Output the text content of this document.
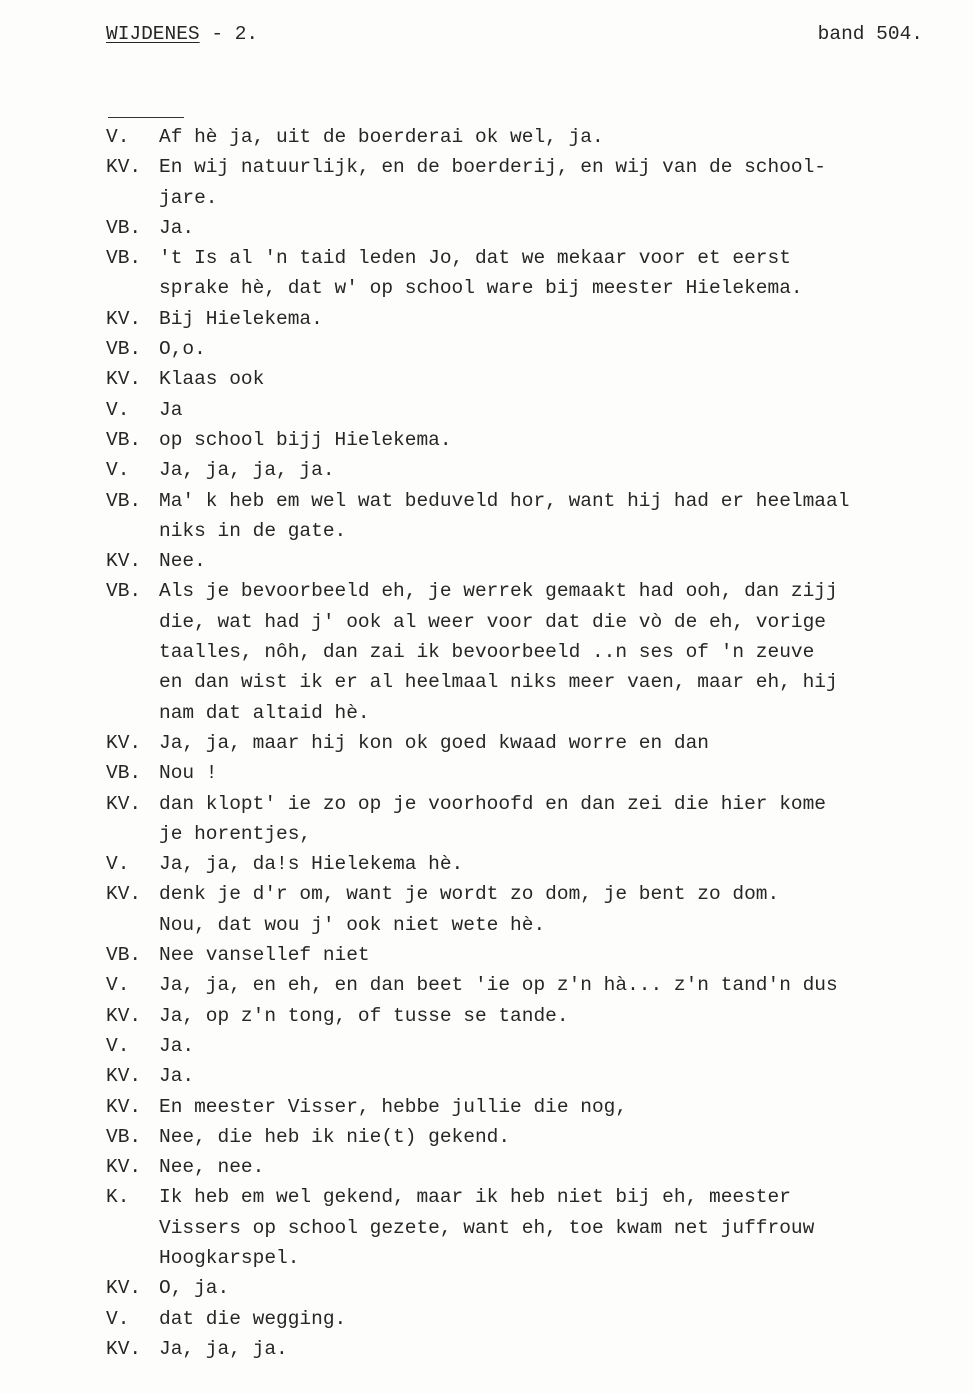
WIJDENES - 2.	band 504.
V.	Af hè ja, uit de boerderai ok wel, ja.
KV. En wij natuurlijk, en de boerderij, en wij van de school-
jare.
VB. Ja.
VB. 't Is al 'n taid leden Jo, dat we mekaar voor et eerst
sprake hè, dat w' op school ware bij meester Hielekema.
KV. Bij Hielekema.
VB. O,o.
KV. Klaas ook
V.	Ja
VB. op school bijj Hielekema.
V.	Ja, ja, ja, ja.
VB. Ma' k heb em wel wat beduveld hor, want hij had er heelmaal
niks in de gate.
KV. Nee.
VB. Als je bevoorbeeld eh, je werrek gemaakt had ooh, dan zijj
die, wat had j' ook al weer voor dat die vò de eh, vorige
taalles, nôh, dan zai ik bevoorbeeld ..n ses of 'n zeuve
en dan wist ik er al heelmaal niks meer vaen, maar eh, hij
nam dat altaid hè.
KV. Ja, ja, maar hij kon ok goed kwaad worre en dan
VB. Nou !
KV. dan klopt' ie zo op je voorhoofd en dan zei die hier kome
je horentjes,
V.	Ja, ja, da!s Hielekema hè.
KV. denk je d'r om, want je wordt zo dom, je bent zo dom.
Nou, dat wou j' ook niet wete hè.
VB. Nee vansellef niet
V.	Ja, ja, en eh, en dan beet 'ie op z'n hà... z'n tand'n dus
KV. Ja, op z'n tong, of tusse se tande.
V.	Ja.
KV. Ja.
KV. En meester Visser, hebbe jullie die nog,
VB. Nee, die heb ik nie(t) gekend.
KV. Nee, nee.
K.	Ik heb em wel gekend, maar ik heb niet bij eh, meester
Vissers op school gezete, want eh, toe kwam net juffrouw
Hoogkarspel.
KV. O, ja.
V.	dat die wegging.
KV. Ja, ja, ja.
